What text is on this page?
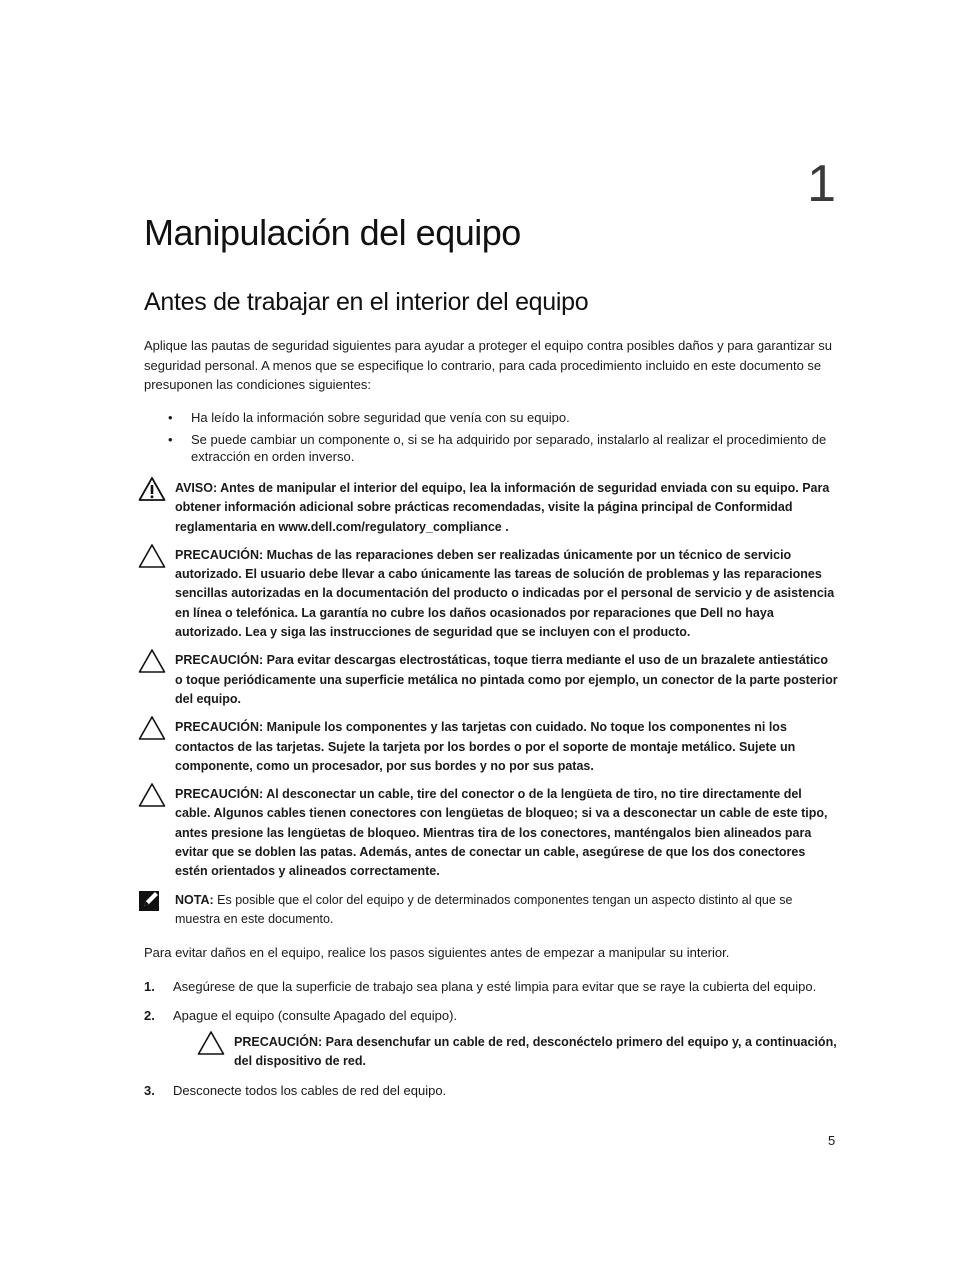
1
Manipulación del equipo
Antes de trabajar en el interior del equipo

Aplique las pautas de seguridad siguientes para ayudar a proteger el equipo contra posibles daños y para garantizar su seguridad personal. A menos que se especifique lo contrario, para cada procedimiento incluido en este documento se presuponen las condiciones siguientes:

• Ha leído la información sobre seguridad que venía con su equipo.
• Se puede cambiar un componente o, si se ha adquirido por separado, instalarlo al realizar el procedimiento de extracción en orden inverso.
AVISO: Antes de manipular el interior del equipo, lea la información de seguridad enviada con su equipo. Para obtener información adicional sobre prácticas recomendadas, visite la página principal de Conformidad reglamentaria en www.dell.com/regulatory_compliance .
PRECAUCIÓN: Muchas de las reparaciones deben ser realizadas únicamente por un técnico de servicio autorizado. El usuario debe llevar a cabo únicamente las tareas de solución de problemas y las reparaciones sencillas autorizadas en la documentación del producto o indicadas por el personal de servicio y de asistencia en línea o telefónica. La garantía no cubre los daños ocasionados por reparaciones que Dell no haya autorizado. Lea y siga las instrucciones de seguridad que se incluyen con el producto.
PRECAUCIÓN: Para evitar descargas electrostáticas, toque tierra mediante el uso de un brazalete antiestático o toque periódicamente una superficie metálica no pintada como por ejemplo, un conector de la parte posterior del equipo.
PRECAUCIÓN: Manipule los componentes y las tarjetas con cuidado. No toque los componentes ni los contactos de las tarjetas. Sujete la tarjeta por los bordes o por el soporte de montaje metálico. Sujete un componente, como un procesador, por sus bordes y no por sus patas.
PRECAUCIÓN: Al desconectar un cable, tire del conector o de la lengüeta de tiro, no tire directamente del cable. Algunos cables tienen conectores con lengüetas de bloqueo; si va a desconectar un cable de este tipo, antes presione las lengüetas de bloqueo. Mientras tira de los conectores, manténgalos bien alineados para evitar que se doblen las patas. Además, antes de conectar un cable, asegúrese de que los dos conectores estén orientados y alineados correctamente.
NOTA: Es posible que el color del equipo y de determinados componentes tengan un aspecto distinto al que se muestra en este documento.

Para evitar daños en el equipo, realice los pasos siguientes antes de empezar a manipular su interior.

1. Asegúrese de que la superficie de trabajo sea plana y esté limpia para evitar que se raye la cubierta del equipo.
2. Apague el equipo (consulte Apagado del equipo).
PRECAUCIÓN: Para desenchufar un cable de red, desconéctelo primero del equipo y, a continuación, del dispositivo de red.
3. Desconecte todos los cables de red del equipo.
5
